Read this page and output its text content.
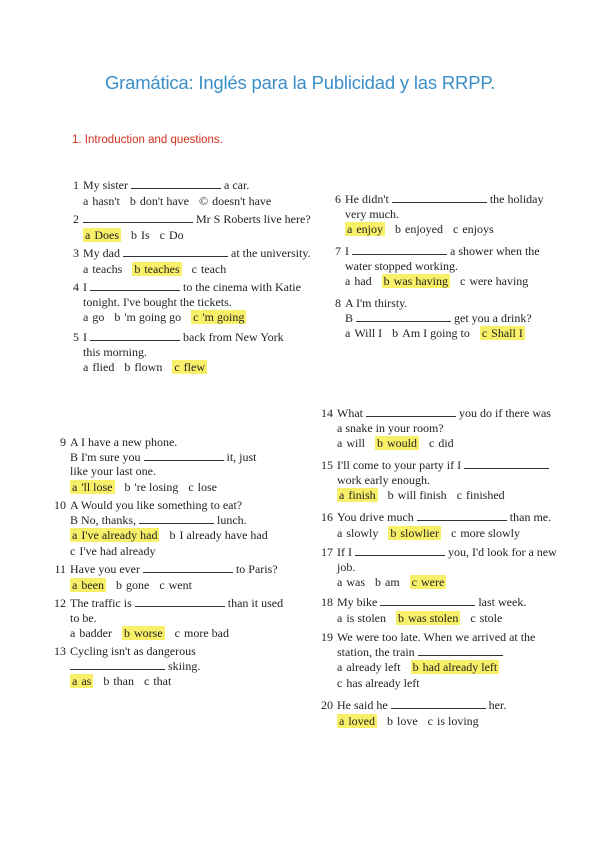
Gramática: Inglés para la Publicidad y las RRPP.
1. Introduction and questions.
1 My sister	a car.
a hasn't b don't have © doesn't have
2	Mr S Roberts live here?
a Does b Is c Do
3 My dad	at the university.
a teachs b teaches c teach
4 I	to the cinema with Katie
tonight. I've bought the tickets.
a go b 'm going go c 'm going
5 I	back from New York
this morning.
a flied b flown c flew
6 He didn't	the holiday
very much.
a enjoy b enjoyed c enjoys
7 I	a shower when the
water stopped working.
a had b was having c were having
8 A I'm thirsty.
B	get you a drink?
a Will I b Am I going to c Shall I
9 A I have a new phone.
B I'm sure you	it, just
like your last one.
a 'll lose b 're losing c lose
10 A Would you like something to eat?
B No, thanks,	lunch.
a I've already had b I already have had
c I've had already
11 Have you ever	to Paris?
a been b gone c went
12 The traffic is	than it used
to be.
a badder b worse c more bad
13 Cycling isn't as dangerous
skiing.
a as b than c that
14 What	you do if there was
a snake in your room?
a will b would c did
15 I'll come to your party if I
work early enough.
a finish b will finish c finished
16 You drive much	than me.
a slowly b slowlier c more slowly
17 If I	you, I'd look for a new
job.
a was b am c were
18 My bike	last week.
a is stolen b was stolen c stole
19 We were too late. When we arrived at the
station, the train
a already left b had already left
c has already left
20 He said he	her.
a loved b love c is loving
